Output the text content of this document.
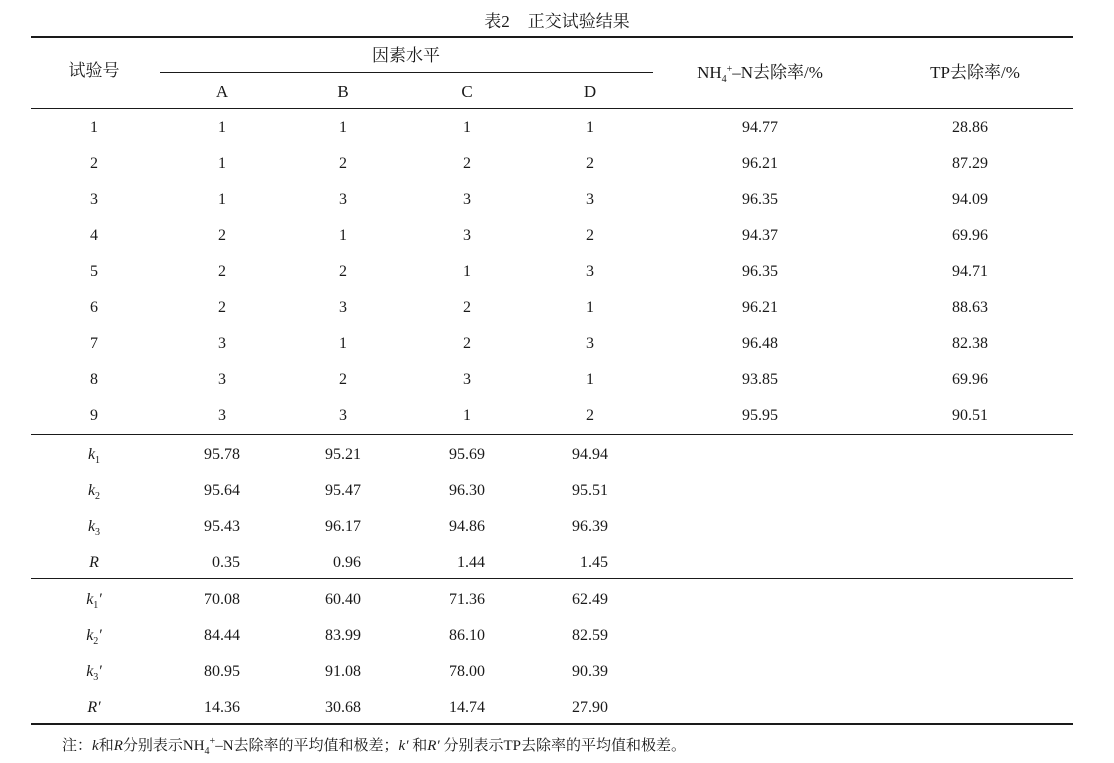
表2 正交试验结果
试验号
因素水平
A	B	C	D
$NH_4^+-N$去除率/%	TP去除率/%
1	1	1	1	1	94.77	28.86
2	1	2	2	2	96.21	87.29
3	1	3	3	3	96.35	94.09
4	2	1	3	2	94.37	69.96
5	2	2	1	3	96.35	94.71
6	2	3	2	1	96.21	88.63
7	3	1	2	3	96.48	82.38
8	3	2	3	1	93.85	69.96
9	3	3	1	2	95.95	90.51
$k_1$	95.78	95.21	95.69	94.94
$k_2$	95.64	95.47	96.30	95.51
$k_3$	95.43	96.17	94.86	96.39
R	0.35	0.96	1.44	1.45
$k_1'$	70.08	60.40	71.36	62.49
$k_2'$	84.44	83.99	86.10	82.59
$k_3'$	80.95	91.08	78.00	90.39
R′	14.36	30.68	14.74	27.90
注：k和R分别表示$NH_4^+-N$去除率的平均值和极差；k′ 和R′ 分别表示TP去除率的平均值和极差。
